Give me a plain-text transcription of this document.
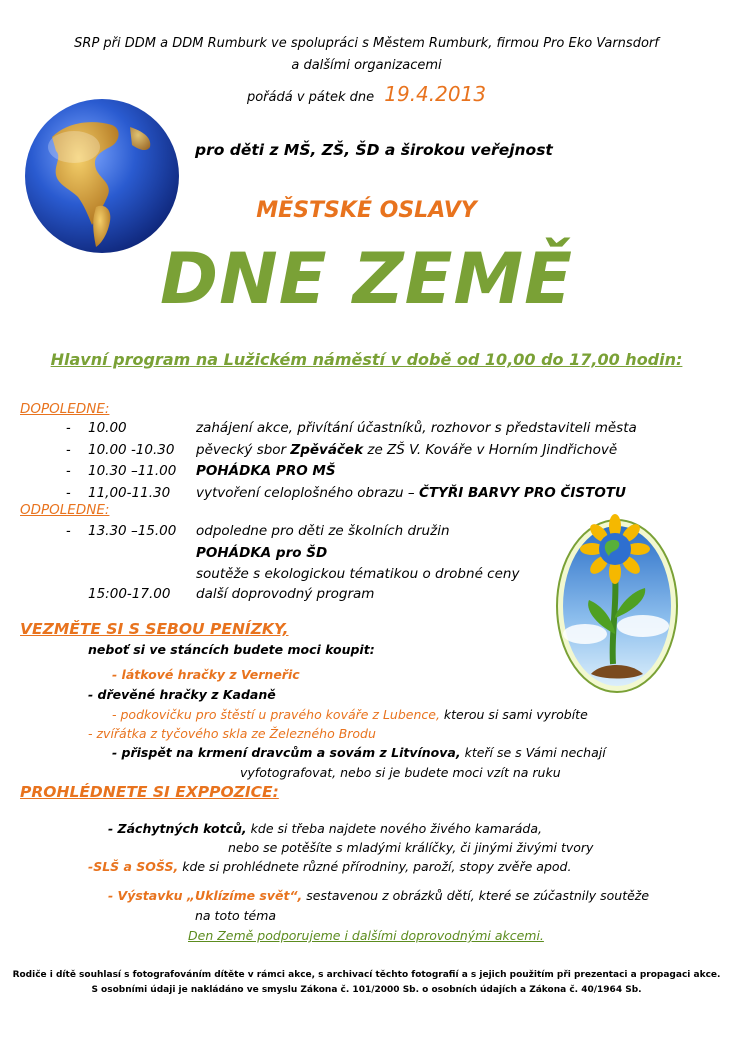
SRP při DDM a DDM Rumburk ve spolupráci s Městem Rumburk, firmou Pro Eko Varnsdorf
a dalšími organizacemi
pořádá v pátek dne 19.4.2013
pro děti z MŠ, ZŠ, ŠD a širokou veřejnost
MĚSTSKÉ OSLAVY
DNE ZEMĚ
Hlavní program na Lužickém náměstí v době od 10,00 do 17,00 hodin:
DOPOLEDNE:
- 10.00	zahájení akce, přivítání účastníků, rozhovor s představiteli města
- 10.00 -10.30 pěvecký sbor Zpěváček ze ZŠ V. Kováře v Horním Jindřichově
- 10.30 –11.00 POHÁDKA PRO MŠ
- 11,00-11.30 vytvoření celoplošného obrazu – ČTYŘI BARVY PRO ČISTOTU
ODPOLEDNE:
- 13.30 –15.00 odpoledne pro děti ze školních družin
POHÁDKA pro ŠD
soutěže s ekologickou tématikou o drobné ceny
15:00-17.00 další doprovodný program
VEZMĚTE SI S SEBOU PENÍZKY,
neboť si ve stáncích budete moci koupit:
- látkové hračky z Verneřic
- dřevěné hračky z Kadaně
- podkovičku pro štěstí u pravého kováře z Lubence, kterou si sami vyrobíte
- zvířátka z tyčového skla ze Železného Brodu
- přispět na krmení dravcům a sovám z Litvínova, kteří se s Vámi nechají
vyfotografovat, nebo si je budete moci vzít na ruku
PROHLÉDNETE SI EXPPOZICE:
- Záchytných kotců, kde si třeba najdete nového živého kamaráda,
nebo se potěšíte s mladými králíčky, či jinými živými tvory
-SLŠ a SOŠS, kde si prohlédnete různé přírodniny, paroží, stopy zvěře apod.
- Výstavku „Uklízíme svět“, sestavenou z obrázků dětí, které se zúčastnily soutěže
na toto téma
Den Země podporujeme i dalšími doprovodnými akcemi.
Rodiče i dítě souhlasí s fotografováním dítěte v rámci akce, s archivací těchto fotografií a s jejich použitím při prezentaci a propagaci akce.
S osobními údaji je nakládáno ve smyslu Zákona č. 101/2000 Sb. o osobních údajích a Zákona č. 40/1964 Sb.
